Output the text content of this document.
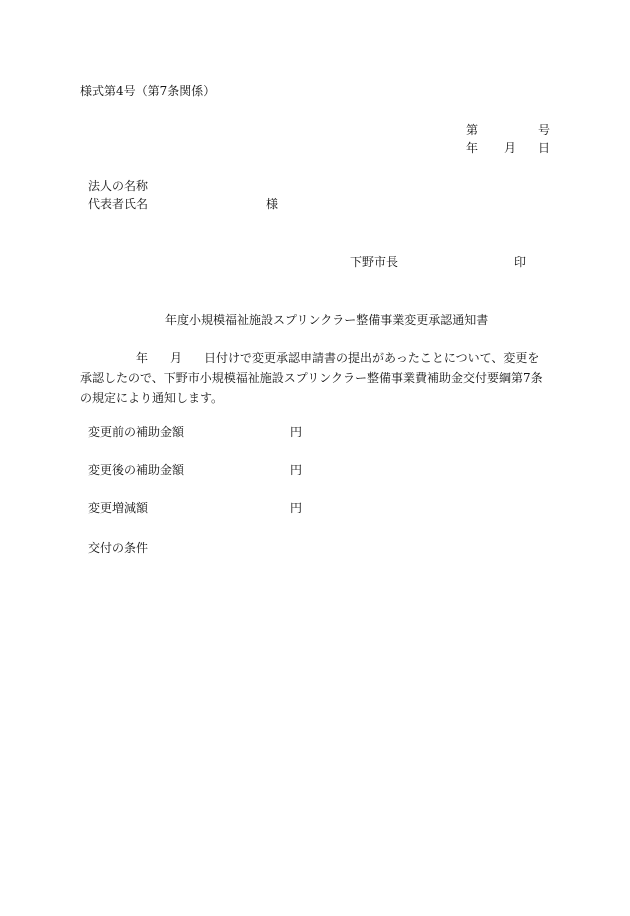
様式第4号（第7条関係）
第	号
年 月 日
法人の名称
代表者氏名	様
下野市長	印
年度小規模福祉施設スプリンクラー整備事業変更承認通知書
年 月 日付けで変更承認申請書の提出があったことについて、変更を承認したので、下野市小規模福祉施設スプリンクラー整備事業費補助金交付要綱第7条の規定により通知します。
変更前の補助金額	円
変更後の補助金額	円
変更増減額	円
交付の条件
